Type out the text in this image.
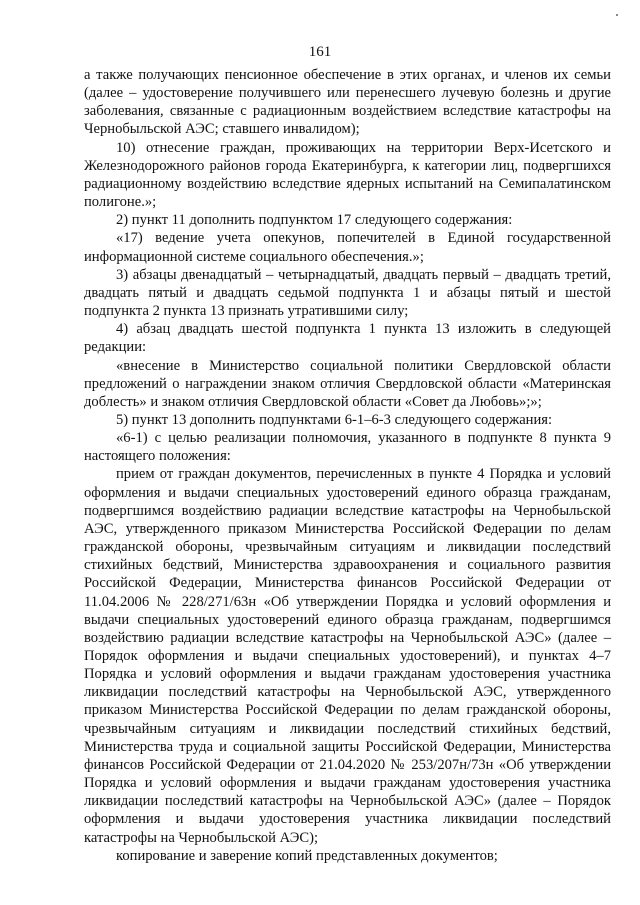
161

а также получающих пенсионное обеспечение в этих органах, и членов их семьи (далее – удостоверение получившего или перенесшего лучевую болезнь и другие заболевания, связанные с радиационным воздействием вследствие катастрофы на Чернобыльской АЭС; ставшего инвалидом);

10) отнесение граждан, проживающих на территории Верх-Исетского и Железнодорожного районов города Екатеринбурга, к категории лиц, подвергшихся радиационному воздействию вследствие ядерных испытаний на Семипалатинском полигоне.»;

2) пункт 11 дополнить подпунктом 17 следующего содержания:

«17) ведение учета опекунов, попечителей в Единой государственной информационной системе социального обеспечения.»;

3) абзацы двенадцатый – четырнадцатый, двадцать первый – двадцать третий, двадцать пятый и двадцать седьмой подпункта 1 и абзацы пятый и шестой подпункта 2 пункта 13 признать утратившими силу;

4) абзац двадцать шестой подпункта 1 пункта 13 изложить в следующей редакции:

«внесение в Министерство социальной политики Свердловской области предложений о награждении знаком отличия Свердловской области «Материнская доблесть» и знаком отличия Свердловской области «Совет да Любовь»;»;

5) пункт 13 дополнить подпунктами 6-1–6-3 следующего содержания:

«6-1) с целью реализации полномочия, указанного в подпункте 8 пункта 9 настоящего положения:

прием от граждан документов, перечисленных в пункте 4 Порядка и условий оформления и выдачи специальных удостоверений единого образца гражданам, подвергшимся воздействию радиации вследствие катастрофы на Чернобыльской АЭС, утвержденного приказом Министерства Российской Федерации по делам гражданской обороны, чрезвычайным ситуациям и ликвидации последствий стихийных бедствий, Министерства здравоохранения и социального развития Российской Федерации, Министерства финансов Российской Федерации от 11.04.2006 № 228/271/63н «Об утверждении Порядка и условий оформления и выдачи специальных удостоверений единого образца гражданам, подвергшимся воздействию радиации вследствие катастрофы на Чернобыльской АЭС» (далее – Порядок оформления и выдачи специальных удостоверений), и пунктах 4–7 Порядка и условий оформления и выдачи гражданам удостоверения участника ликвидации последствий катастрофы на Чернобыльской АЭС, утвержденного приказом Министерства Российской Федерации по делам гражданской обороны, чрезвычайным ситуациям и ликвидации последствий стихийных бедствий, Министерства труда и социальной защиты Российской Федерации, Министерства финансов Российской Федерации от 21.04.2020 № 253/207н/73н «Об утверждении Порядка и условий оформления и выдачи гражданам удостоверения участника ликвидации последствий катастрофы на Чернобыльской АЭС» (далее – Порядок оформления и выдачи удостоверения участника ликвидации последствий катастрофы на Чернобыльской АЭС);

копирование и заверение копий представленных документов;
